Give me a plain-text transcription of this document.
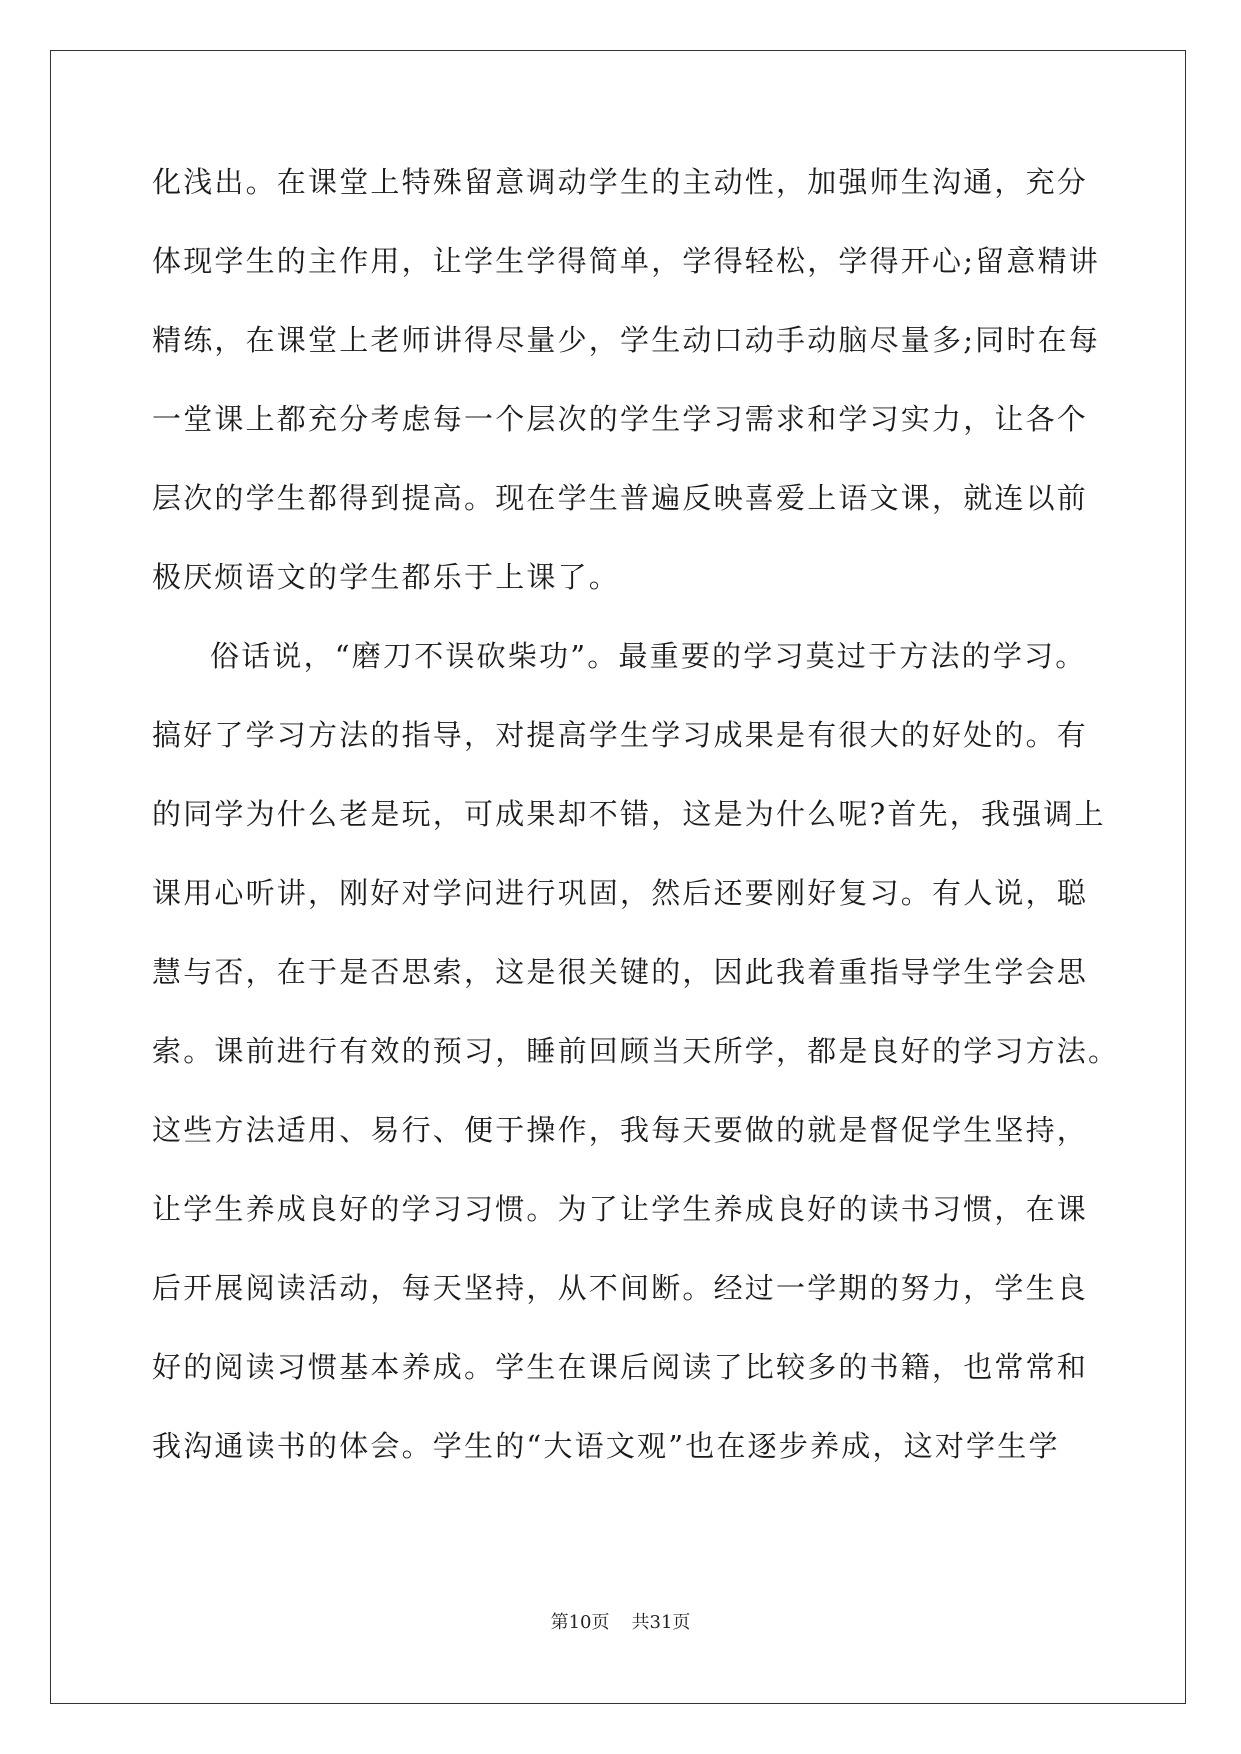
化浅出。在课堂上特殊留意调动学生的主动性，加强师生沟通，充分
体现学生的主作用，让学生学得简单，学得轻松，学得开心;留意精讲
精练，在课堂上老师讲得尽量少，学生动口动手动脑尽量多;同时在每
一堂课上都充分考虑每一个层次的学生学习需求和学习实力，让各个
层次的学生都得到提高。现在学生普遍反映喜爱上语文课，就连以前
极厌烦语文的学生都乐于上课了。
俗话说，“磨刀不误砍柴功”。最重要的学习莫过于方法的学习。
搞好了学习方法的指导，对提高学生学习成果是有很大的好处的。有
的同学为什么老是玩，可成果却不错，这是为什么呢?首先，我强调上
课用心听讲，刚好对学问进行巩固，然后还要刚好复习。有人说，聪
慧与否，在于是否思索，这是很关键的，因此我着重指导学生学会思
索。课前进行有效的预习，睡前回顾当天所学，都是良好的学习方法。
这些方法适用、易行、便于操作，我每天要做的就是督促学生坚持，
让学生养成良好的学习习惯。为了让学生养成良好的读书习惯，在课
后开展阅读活动，每天坚持，从不间断。经过一学期的努力，学生良
好的阅读习惯基本养成。学生在课后阅读了比较多的书籍，也常常和
我沟通读书的体会。学生的“大语文观”也在逐步养成，这对学生学
第10页 共31页
